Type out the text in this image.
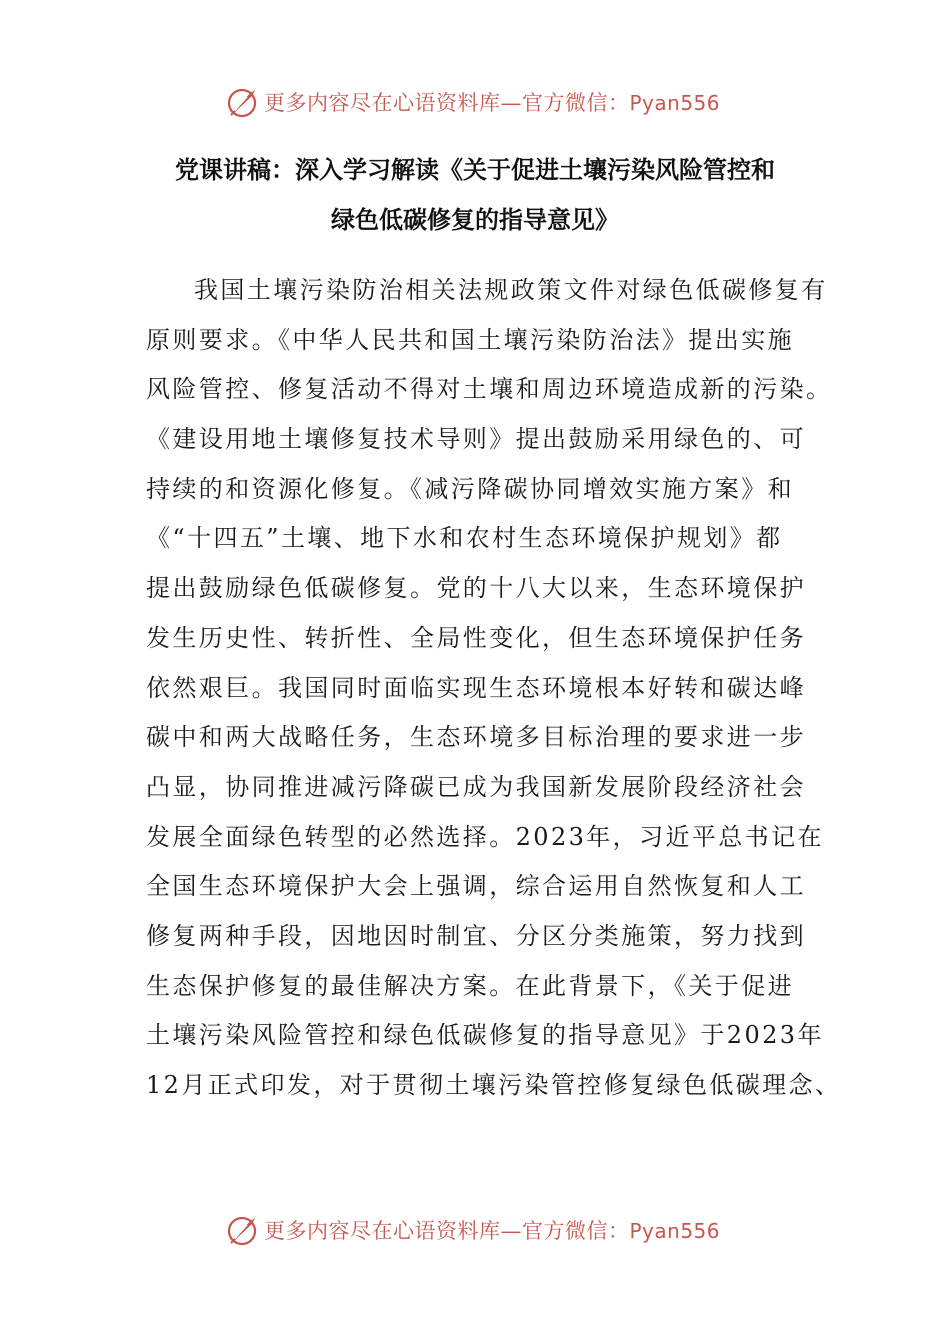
更多内容尽在心语资料库—官方微信：Pyan556
党课讲稿：深入学习解读《关于促进土壤污染风险管控和
绿色低碳修复的指导意见》
我国土壤污染防治相关法规政策文件对绿色低碳修复有
原则要求。《中华人民共和国土壤污染防治法》提出实施
风险管控、修复活动不得对土壤和周边环境造成新的污染。
《建设用地土壤修复技术导则》提出鼓励采用绿色的、可
持续的和资源化修复。《减污降碳协同增效实施方案》和
《“十四五”土壤、地下水和农村生态环境保护规划》都
提出鼓励绿色低碳修复。党的十八大以来，生态环境保护
发生历史性、转折性、全局性变化，但生态环境保护任务
依然艰巨。我国同时面临实现生态环境根本好转和碳达峰
碳中和两大战略任务，生态环境多目标治理的要求进一步
凸显，协同推进减污降碳已成为我国新发展阶段经济社会
发展全面绿色转型的必然选择。2023年，习近平总书记在
全国生态环境保护大会上强调，综合运用自然恢复和人工
修复两种手段，因地因时制宜、分区分类施策，努力找到
生态保护修复的最佳解决方案。在此背景下，《关于促进
土壤污染风险管控和绿色低碳修复的指导意见》于2023年
12月正式印发，对于贯彻土壤污染管控修复绿色低碳理念、
更多内容尽在心语资料库—官方微信：Pyan556
